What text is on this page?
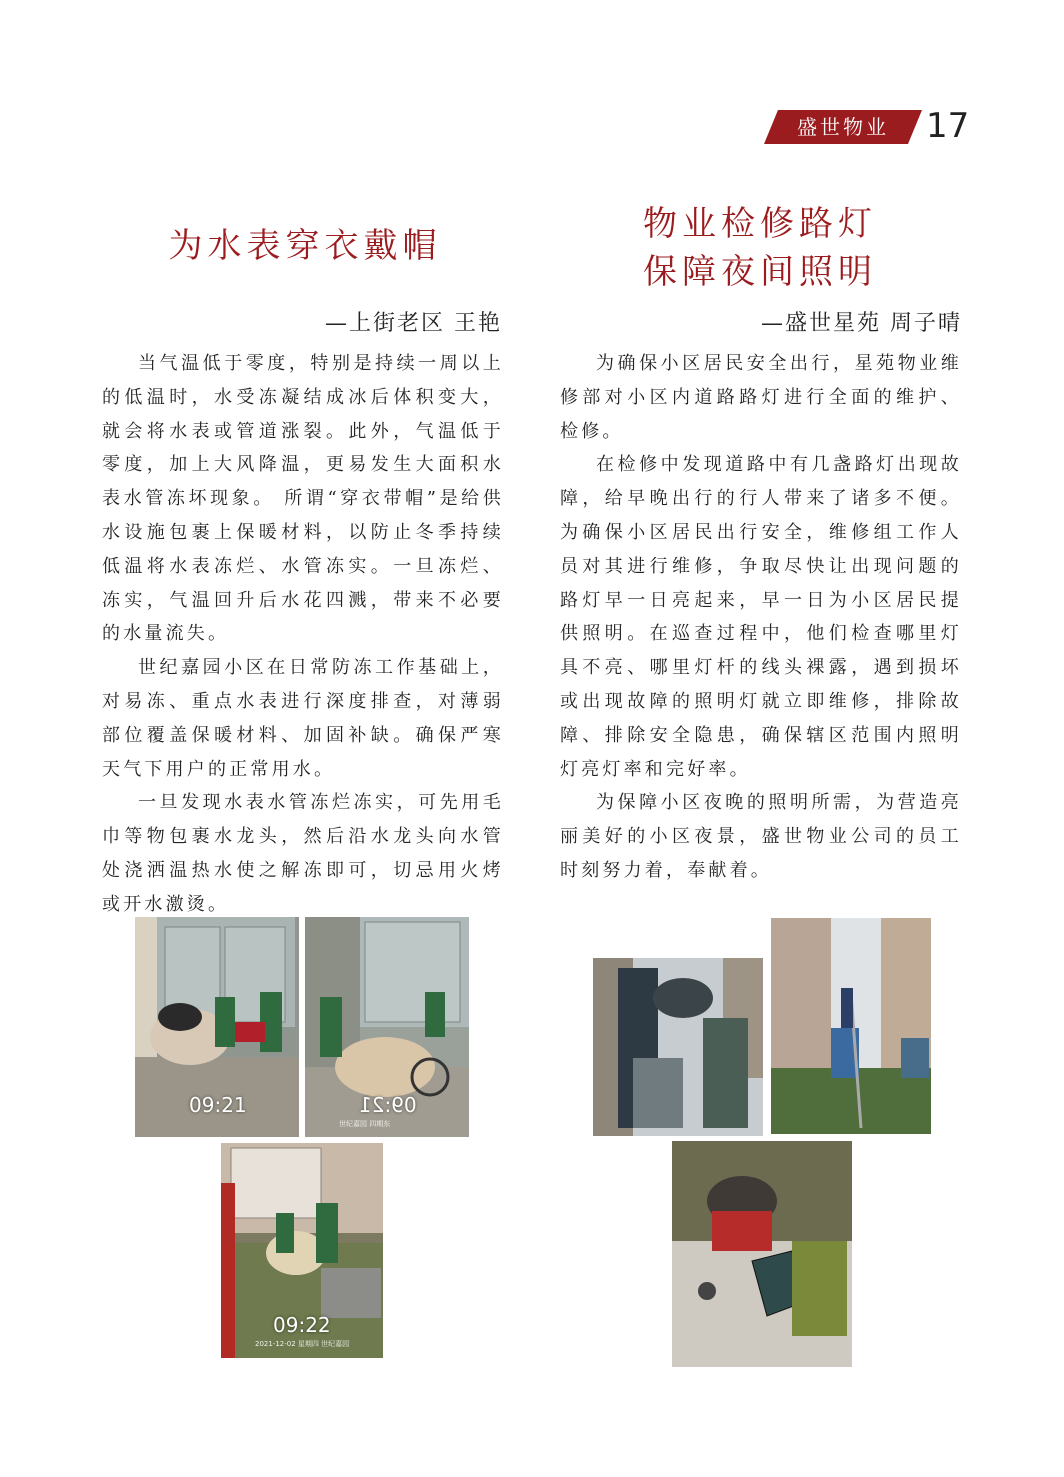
盛世物业	17
为水表穿衣戴帽
—上街老区 王艳

当气温低于零度，特别是持续一周以上的低温时，水受冻凝结成冰后体积变大，就会将水表或管道涨裂。此外，气温低于零度，加上大风降温，更易发生大面积水表水管冻坏现象。 所谓“穿衣带帽”是给供水设施包裹上保暖材料，以防止冬季持续低温将水表冻烂、水管冻实。一旦冻烂、冻实，气温回升后水花四溅，带来不必要的水量流失。

世纪嘉园小区在日常防冻工作基础上，对易冻、重点水表进行深度排查，对薄弱部位覆盖保暖材料、加固补缺。确保严寒天气下用户的正常用水。

一旦发现水表水管冻烂冻实，可先用毛巾等物包裹水龙头，然后沿水龙头向水管处浇洒温热水使之解冻即可，切忌用火烤或开水激烫。

物业检修路灯
保障夜间照明
—盛世星苑 周子晴

为确保小区居民安全出行，星苑物业维修部对小区内道路路灯进行全面的维护、检修。

在检修中发现道路中有几盏路灯出现故障，给早晚出行的行人带来了诸多不便。为确保小区居民出行安全，维修组工作人员对其进行维修，争取尽快让出现问题的路灯早一日亮起来，早一日为小区居民提供照明。在巡查过程中，他们检查哪里灯具不亮、哪里灯杆的线头裸露，遇到损坏或出现故障的照明灯就立即维修，排除故障、排除安全隐患，确保辖区范围内照明灯亮灯率和完好率。

为保障小区夜晚的照明所需，为营造亮丽美好的小区夜景，盛世物业公司的员工时刻努力着，奉献着。

09:21	09:21
世纪嘉园 四期东
09:22
2021-12-02 星期四 世纪嘉园
